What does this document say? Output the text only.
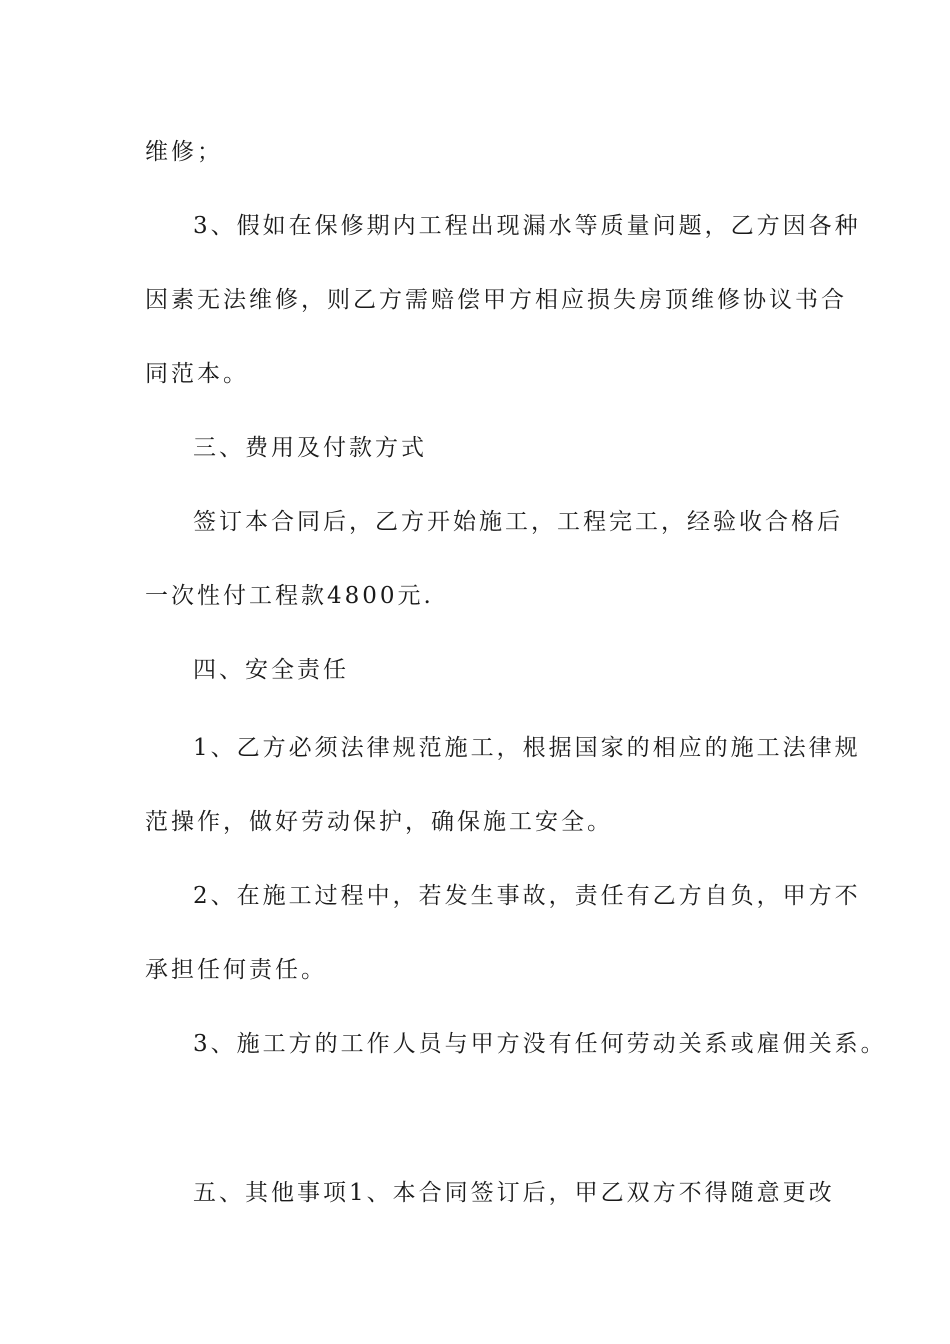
维修；
3、假如在保修期内工程出现漏水等质量问题，乙方因各种
因素无法维修，则乙方需赔偿甲方相应损失房顶维修协议书合
同范本。
三、费用及付款方式
签订本合同后，乙方开始施工，工程完工，经验收合格后
一次性付工程款4800元.
四、安全责任
1、乙方必须法律规范施工，根据国家的相应的施工法律规
范操作，做好劳动保护，确保施工安全。
2、在施工过程中，若发生事故，责任有乙方自负，甲方不
承担任何责任。
3、施工方的工作人员与甲方没有任何劳动关系或雇佣关系。
五、其他事项1、本合同签订后，甲乙双方不得随意更改
